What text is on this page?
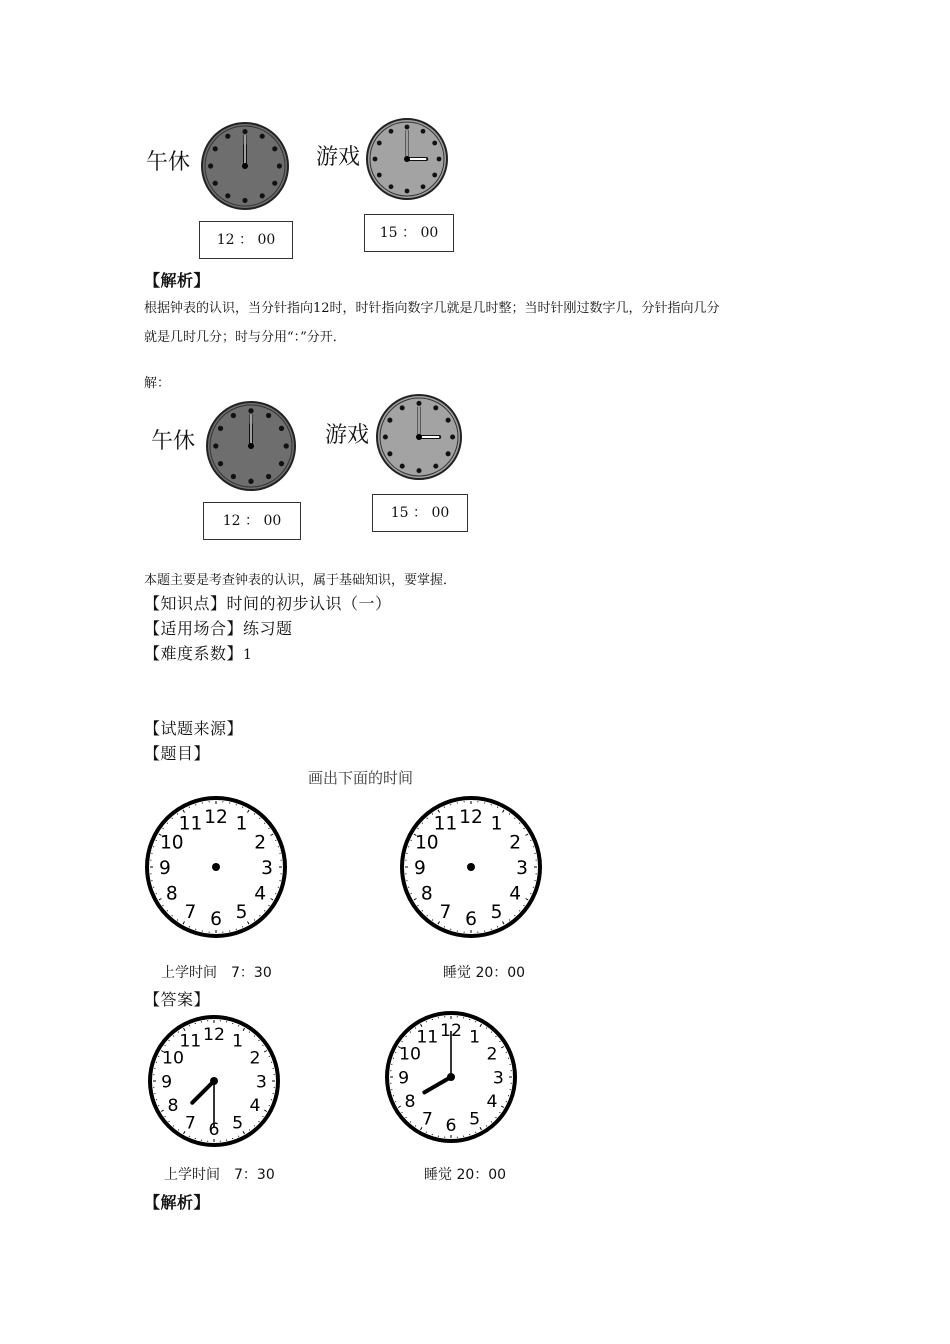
午休	游戏
12 ： 00	15 ： 00
【解析】
根据钟表的认识，当分针指向12时，时针指向数字几就是几时整；当时针刚过数字几，分针指向几分
就是几时几分；时与分用“：”分开．
解：
午休	游戏
12 ： 00	15 ： 00
本题主要是考查钟表的认识，属于基础知识，要掌握．
【知识点】时间的初步认识（一）
【适用场合】练习题
【难度系数】1
【试题来源】
【题目】
画出下面的时间
12 1
2
3
4
5
6
7
8
9
10
11	12 1
2
3
4
5
6
7
8
9
10
11
上学时间　7：30	睡觉 20：00
【答案】
12 1
2
3
4
5
6
7
8
9
10
11
12 1
2
3
4
5
6
7
8
9
10
11
上学时间　7：30	睡觉 20：00
【解析】
